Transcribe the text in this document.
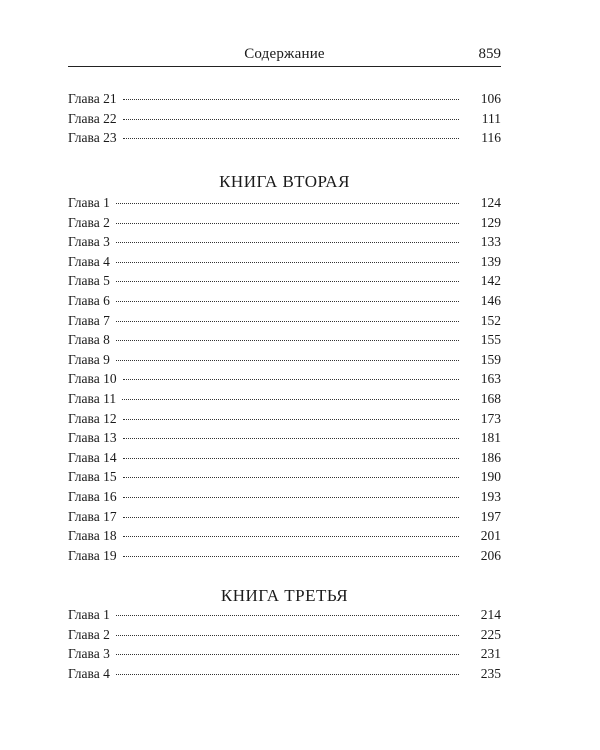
Содержание	859
Глава 21	106
Глава 22	111
Глава 23	116
КНИГА ВТОРАЯ
Глава 1	124
Глава 2	129
Глава 3	133
Глава 4	139
Глава 5	142
Глава 6	146
Глава 7	152
Глава 8	155
Глава 9	159
Глава 10	163
Глава 11	168
Глава 12	173
Глава 13	181
Глава 14	186
Глава 15	190
Глава 16	193
Глава 17	197
Глава 18	201
Глава 19	206
КНИГА ТРЕТЬЯ
Глава 1	214
Глава 2	225
Глава 3	231
Глава 4	235
